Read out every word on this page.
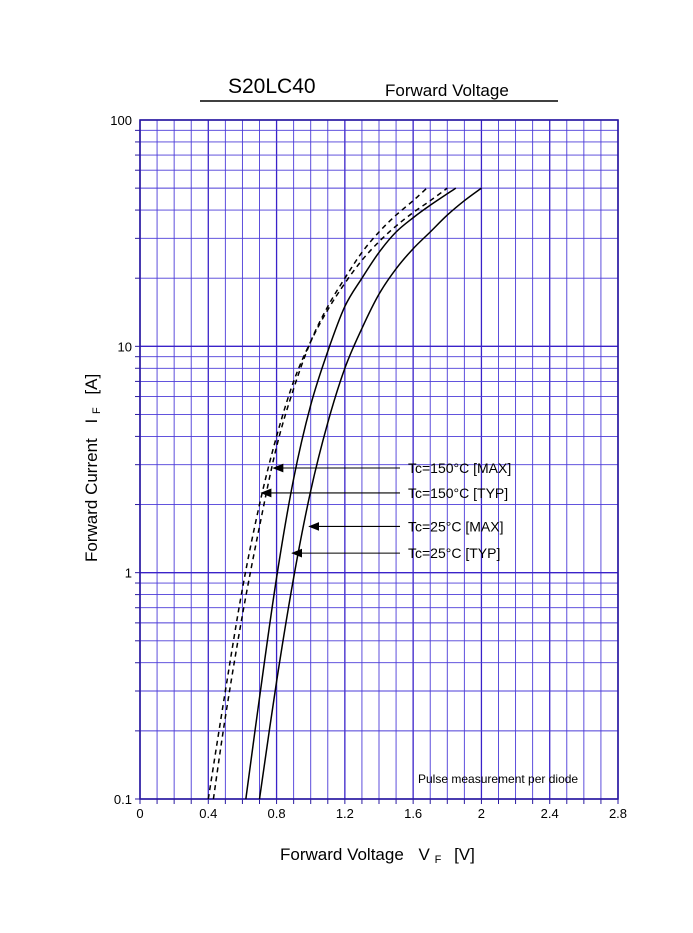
S20LC40	Forward Voltage
0	0.4	0.8	1.2	1.6	2	2.4	2.8
0.1
1
10
100
Tc=150°C [MAX]
Tc=150°C [TYP]
Tc=25°C [MAX]
Tc=25°C [TYP]
Pulse measurement per diode
Forward Voltage V F [V]
Forward Current I F [A]
